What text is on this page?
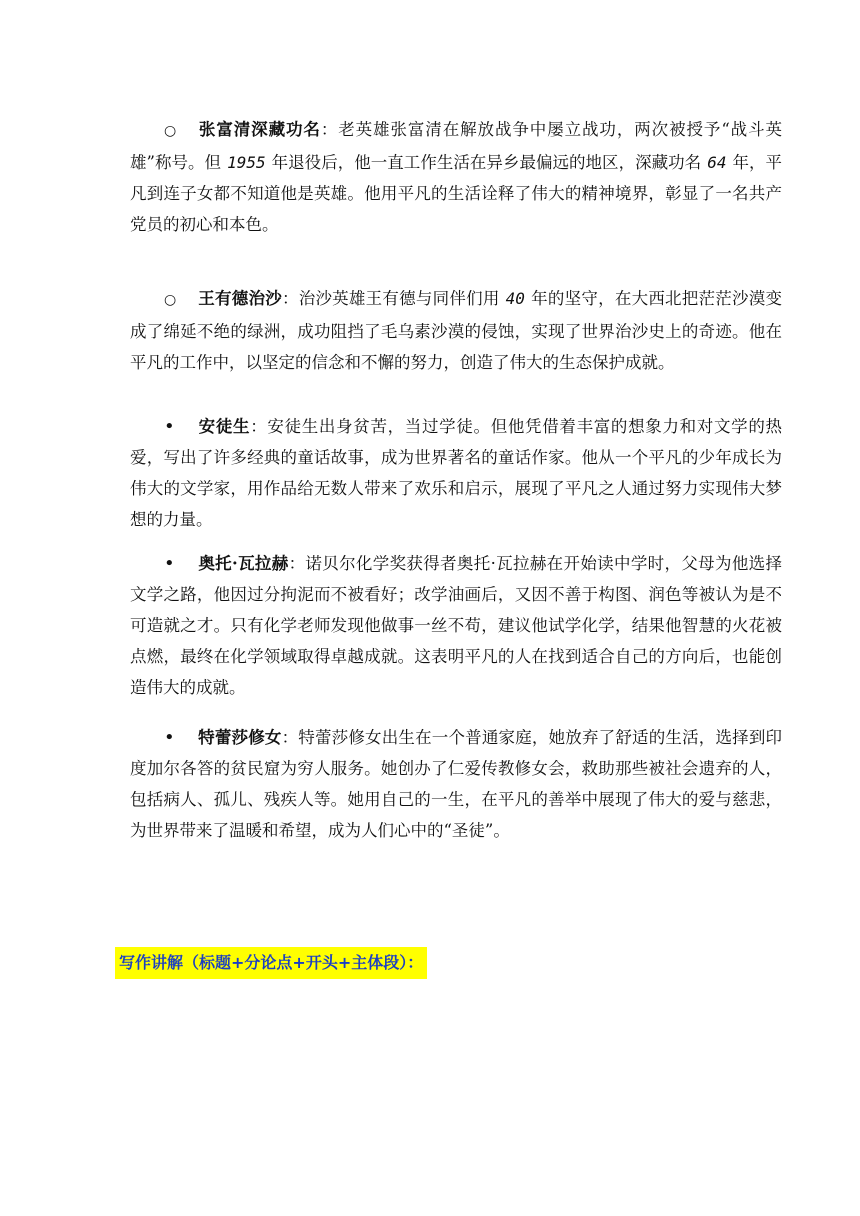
○ 张富清深藏功名：老英雄张富清在解放战争中屡立战功，两次被授予“战斗英雄”称号。但 1955 年退役后，他一直工作生活在异乡最偏远的地区，深藏功名 64 年，平凡到连子女都不知道他是英雄。他用平凡的生活诠释了伟大的精神境界，彰显了一名共产党员的初心和本色。

○ 王有德治沙：治沙英雄王有德与同伴们用 40 年的坚守，在大西北把茫茫沙漠变成了绵延不绝的绿洲，成功阻挡了毛乌素沙漠的侵蚀，实现了世界治沙史上的奇迹。他在平凡的工作中，以坚定的信念和不懈的努力，创造了伟大的生态保护成就。

• 安徒生：安徒生出身贫苦，当过学徒。但他凭借着丰富的想象力和对文学的热爱，写出了许多经典的童话故事，成为世界著名的童话作家。他从一个平凡的少年成长为伟大的文学家，用作品给无数人带来了欢乐和启示，展现了平凡之人通过努力实现伟大梦想的力量。

• 奥托·瓦拉赫：诺贝尔化学奖获得者奥托·瓦拉赫在开始读中学时，父母为他选择文学之路，他因过分拘泥而不被看好；改学油画后，又因不善于构图、润色等被认为是不可造就之才。只有化学老师发现他做事一丝不苟，建议他试学化学，结果他智慧的火花被点燃，最终在化学领域取得卓越成就。这表明平凡的人在找到适合自己的方向后，也能创造伟大的成就。

• 特蕾莎修女：特蕾莎修女出生在一个普通家庭，她放弃了舒适的生活，选择到印度加尔各答的贫民窟为穷人服务。她创办了仁爱传教修女会，救助那些被社会遗弃的人，包括病人、孤儿、残疾人等。她用自己的一生，在平凡的善举中展现了伟大的爱与慈悲，为世界带来了温暖和希望，成为人们心中的“圣徒”。

写作讲解（标题+分论点+开头+主体段）：
